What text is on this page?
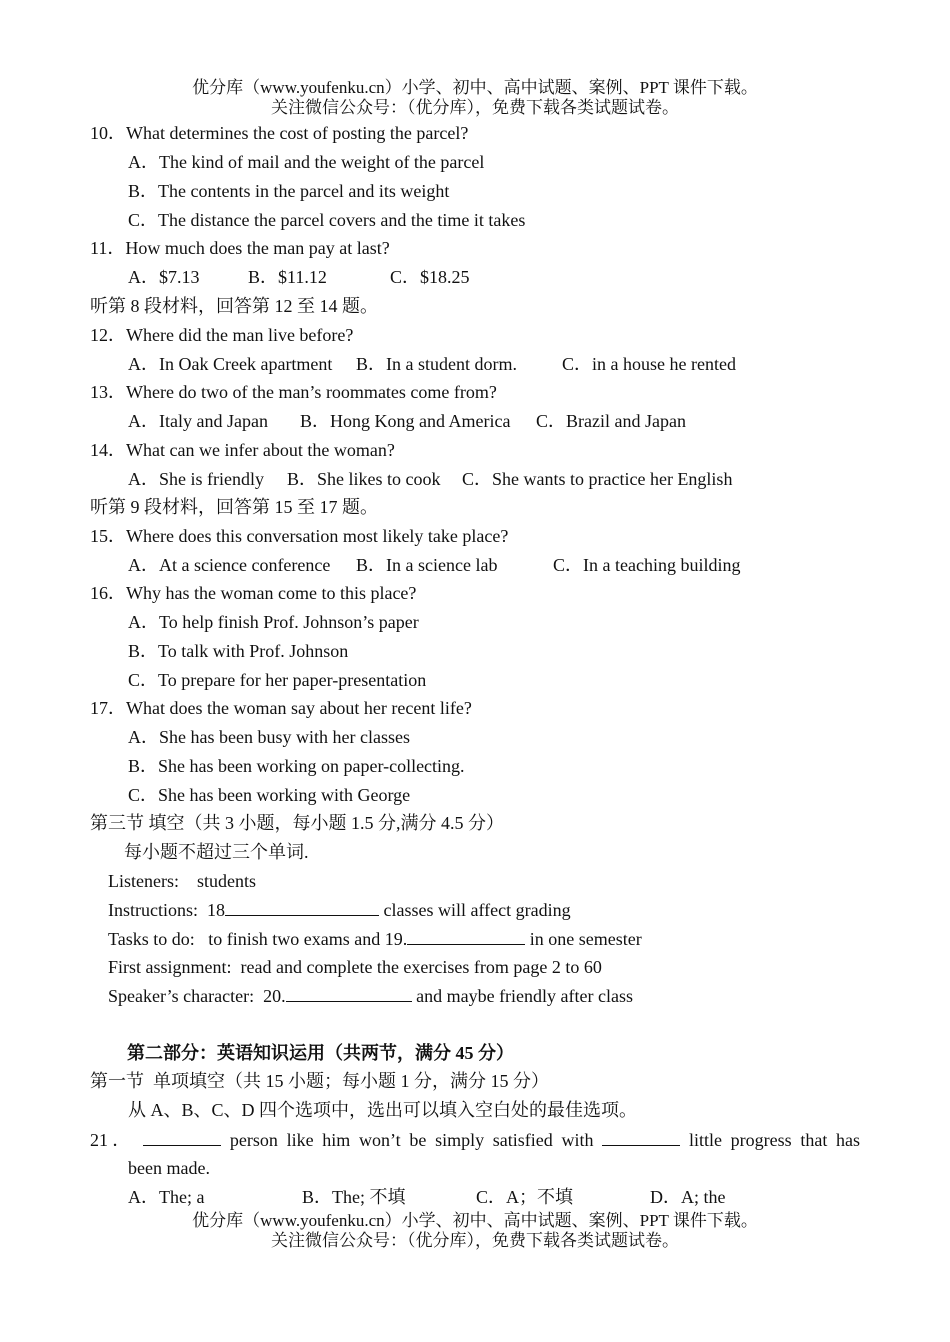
优分库（www.youfenku.cn）小学、初中、高中试题、案例、PPT 课件下载。
关注微信公众号：（优分库），免费下载各类试题试卷。
10．What determines the cost of posting the parcel?
A．The kind of mail and the weight of the parcel
B．The contents in the parcel and its weight
C．The distance the parcel covers and the time it takes
11．How much does the man pay at last?
A．$7.13	B．$11.12	C．$18.25
听第 8 段材料，回答第 12 至 14 题。
12．Where did the man live before?
A．In Oak Creek apartment B．In a student dorm.	C．in a house he rented
13．Where do two of the man’s roommates come from?
A．Italy and Japan B．Hong Kong and America C．Brazil and Japan
14．What can we infer about the woman?
A．She is friendly B．She likes to cook C．She wants to practice her English
听第 9 段材料，回答第 15 至 17 题。
15．Where does this conversation most likely take place?
A．At a science conference B．In a science lab	C．In a teaching building
16．Why has the woman come to this place?
A．To help finish Prof. Johnson’s paper
B．To talk with Prof. Johnson
C．To prepare for her paper-presentation
17．What does the woman say about her recent life?
A．She has been busy with her classes
B．She has been working on paper-collecting.
C．She has been working with George
第三节 填空（共 3 小题，每小题 1.5 分,满分 4.5 分）
每小题不超过三个单词.
Listeners:    students
Instructions:  18	classes will affect grading
Tasks to do:   to finish two exams and 19.	in one semester
First assignment:  read and complete the exercises from page 2 to 60
Speaker’s character:  20.	and maybe friendly after class
第二部分：英语知识运用（共两节，满分 45 分）
第一节  单项填空（共 15 小题；每小题 1 分，满分 15 分）
从 A、B、C、D 四个选项中，选出可以填入空白处的最佳选项。
21．	person like him won’t be simply satisfied with	little progress that has
been made.
A．The; a	B．The; 不填	C．A；不填	D．A; the
优分库（www.youfenku.cn）小学、初中、高中试题、案例、PPT 课件下载。
关注微信公众号：（优分库），免费下载各类试题试卷。
